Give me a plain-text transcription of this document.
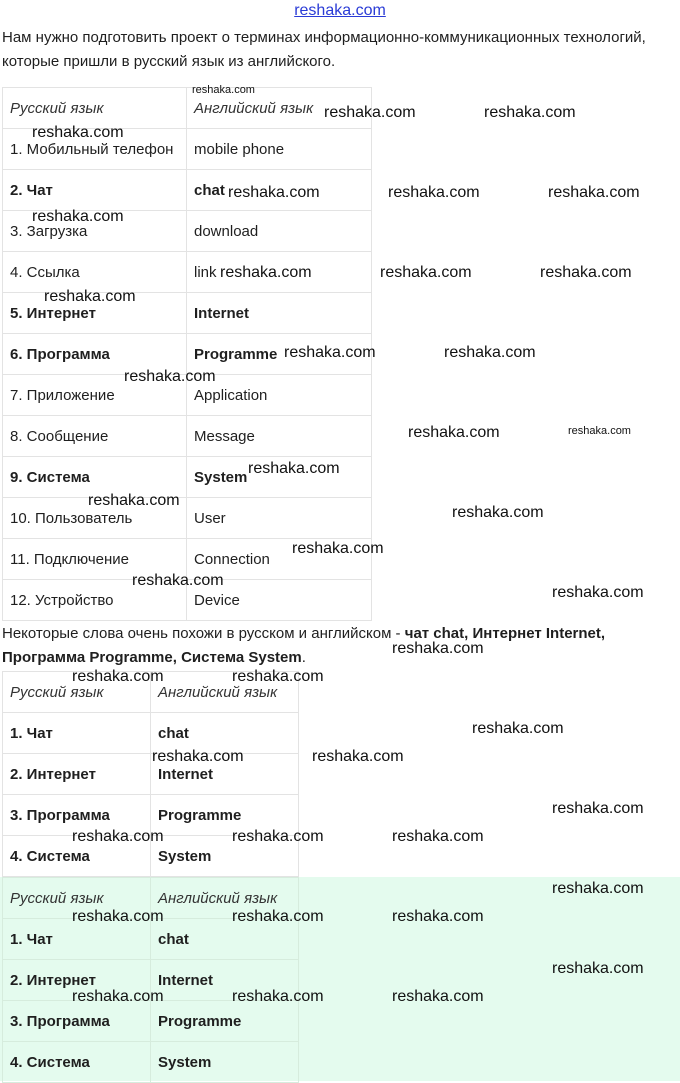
reshaka.com
Нам нужно подготовить проект о терминах информационно-коммуникационных технологий, которые пришли в русский язык из английского.
Русский язык	Английский язык
1. Мобильный телефон	mobile phone
2. Чат	chat
3. Загрузка	download
4. Ссылка	link
5. Интернет	Internet
6. Программа	Programme
7. Приложение	Application
8. Сообщение	Message
9. Система	System
10. Пользователь	User
11. Подключение	Connection
12. Устройство	Device
Некоторые слова очень похожи в русском и английском - чат chat, Интернет Internet, Программа Programme, Система System.
Русский язык	Английский язык
1. Чат	chat
2. Интернет	Internet
3. Программа	Programme
4. Система	System
Русский язык	Английский язык
1. Чат	chat
2. Интернет	Internet
3. Программа	Programme
4. Система	System
reshaka.com
reshaka.com	reshaka.com
reshaka.com
reshaka.com	reshaka.com	reshaka.com
reshaka.com
reshaka.com	reshaka.com	reshaka.com
reshaka.com
reshaka.com	reshaka.com
reshaka.com
reshaka.com	reshaka.com
reshaka.com
reshaka.com
reshaka.com
reshaka.com
reshaka.com
reshaka.com
reshaka.com
reshaka.com	reshaka.com
reshaka.com
reshaka.com	reshaka.com
reshaka.com
reshaka.com	reshaka.com	reshaka.com
reshaka.com
reshaka.com	reshaka.com	reshaka.com
reshaka.com
reshaka.com	reshaka.com	reshaka.com
